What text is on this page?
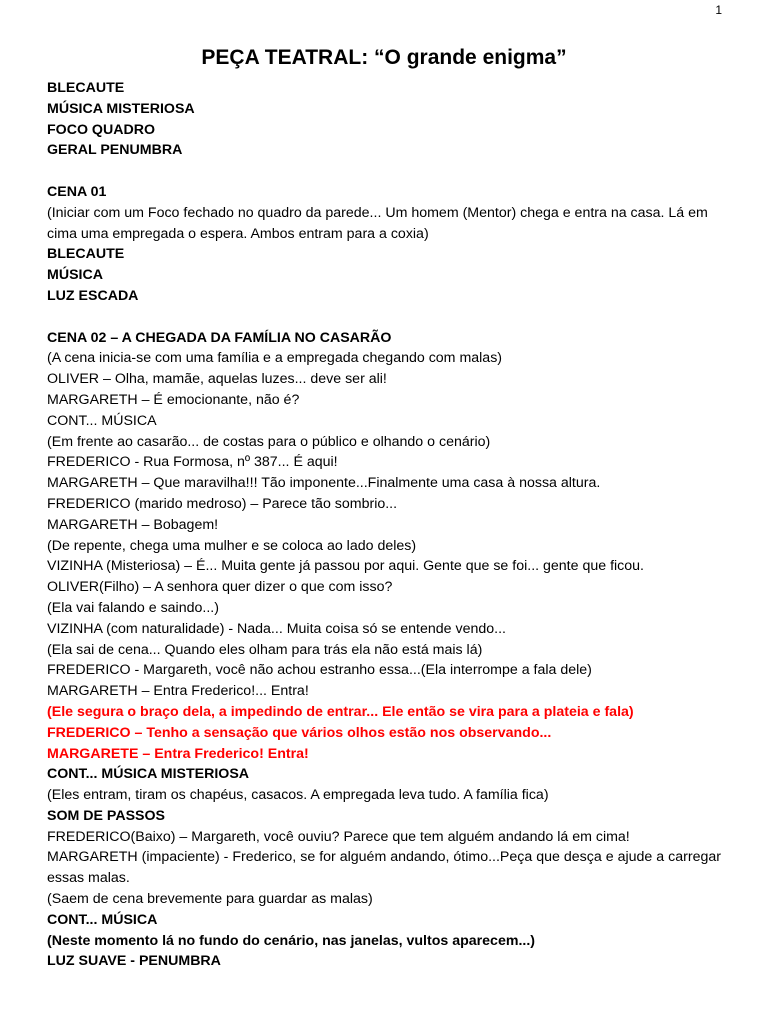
1
PEÇA TEATRAL: “O grande enigma”
BLECAUTE
MÚSICA MISTERIOSA
FOCO QUADRO
GERAL PENUMBRA
CENA 01
(Iniciar com um Foco fechado no quadro da parede... Um homem (Mentor) chega e entra na casa. Lá em cima uma empregada o espera. Ambos entram para a coxia)
BLECAUTE
MÚSICA
LUZ ESCADA
CENA 02 – A CHEGADA DA FAMÍLIA NO CASARÃO
(A cena inicia-se com uma família e a empregada chegando com malas)
OLIVER – Olha, mamãe, aquelas luzes... deve ser ali!
MARGARETH – É emocionante, não é?
CONT... MÚSICA
(Em frente ao casarão... de costas para o público e olhando o cenário)
FREDERICO - Rua Formosa, nº 387... É aqui!
MARGARETH – Que maravilha!!! Tão imponente...Finalmente uma casa à nossa altura.
FREDERICO (marido medroso) – Parece tão sombrio...
MARGARETH – Bobagem!
(De repente, chega uma mulher e se coloca ao lado deles)
VIZINHA (Misteriosa) – É... Muita gente já passou por aqui. Gente que se foi... gente que ficou.
OLIVER(Filho) – A senhora quer dizer o que com isso?
(Ela vai falando e saindo...)
VIZINHA (com naturalidade) - Nada... Muita coisa só se entende vendo...
(Ela sai de cena... Quando eles olham para trás ela não está mais lá)
FREDERICO - Margareth, você não achou estranho essa...(Ela interrompe a fala dele)
MARGARETH – Entra Frederico!... Entra!
(Ele segura o braço dela, a impedindo de entrar... Ele então se vira para a plateia e fala)
FREDERICO – Tenho a sensação que vários olhos estão nos observando...
MARGARETE – Entra Frederico! Entra!
CONT... MÚSICA MISTERIOSA
(Eles entram, tiram os chapéus, casacos. A empregada leva tudo. A família fica)
SOM DE PASSOS
FREDERICO(Baixo) – Margareth, você ouviu? Parece que tem alguém andando lá em cima!
MARGARETH (impaciente) - Frederico, se for alguém andando, ótimo...Peça que desça e ajude a carregar essas malas.
(Saem de cena brevemente para guardar as malas)
CONT... MÚSICA
(Neste momento lá no fundo do cenário, nas janelas, vultos aparecem...)
LUZ SUAVE - PENUMBRA
